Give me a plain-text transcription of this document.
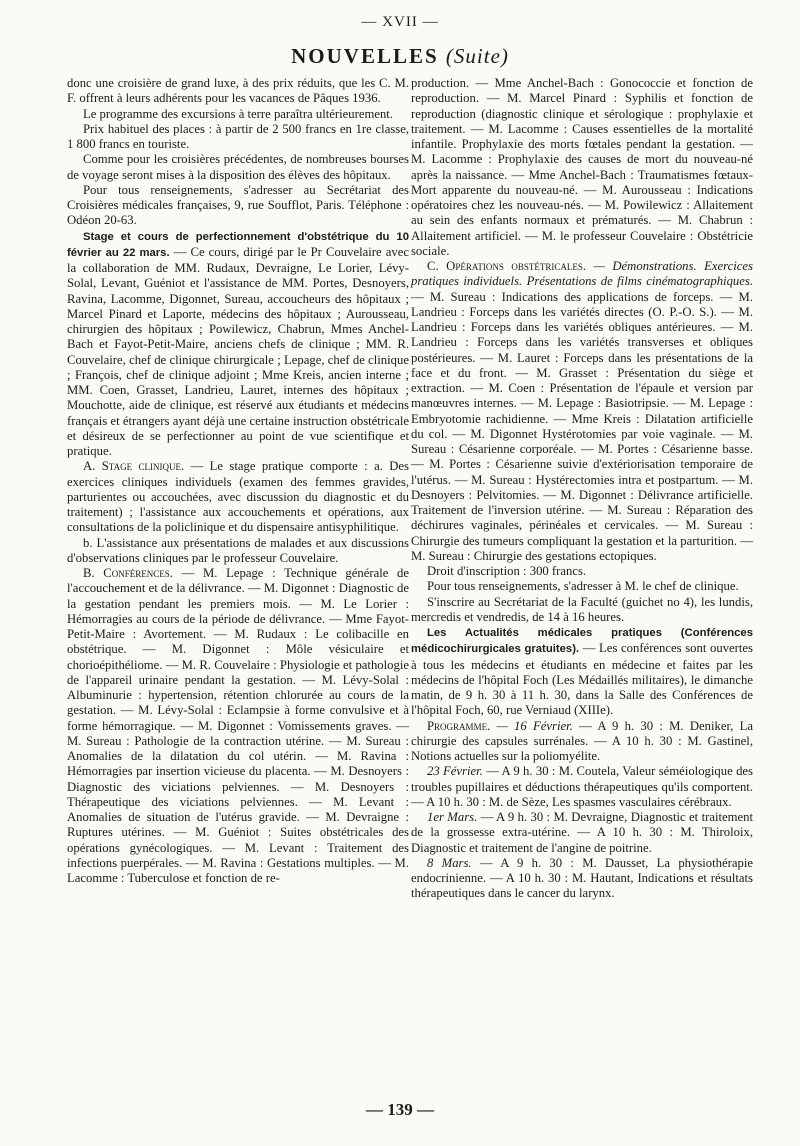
— XVII —
NOUVELLES (Suite)

donc une croisière de grand luxe, à des prix réduits, que les C. M. F. offrent à leurs adhérents pour les vacances de Pâques 1936.

Le programme des excursions à terre paraîtra ultérieurement.

Prix habituel des places : à partir de 2 500 francs en 1re classe, 1 800 francs en touriste.

Comme pour les croisières précédentes, de nombreuses bourses de voyage seront mises à la disposition des élèves des hôpitaux.

Pour tous renseignements, s'adresser au Secrétariat des Croisières médicales françaises, 9, rue Soufflot, Paris. Téléphone : Odéon 20-63.

Stage et cours de perfectionnement d'obstétrique du 10 février au 22 mars. — Ce cours, dirigé par le Pr Couvelaire avec la collaboration de MM. Rudaux, Devraigne, Le Lorier, Lévy-Solal, Levant, Guéniot et l'assistance de MM. Portes, Desnoyers, Ravina, Lacomme, Digonnet, Sureau, accoucheurs des hôpitaux ; Marcel Pinard et Laporte, médecins des hôpitaux ; Aurousseau, chirurgien des hôpitaux ; Powilewicz, Chabrun, Mmes Anchel-Bach et Fayot-Petit-Maire, anciens chefs de clinique ; MM. R. Couvelaire, chef de clinique chirurgicale ; Lepage, chef de clinique ; François, chef de clinique adjoint ; Mme Kreis, ancien interne ; MM. Coen, Grasset, Landrieu, Lauret, internes des hôpitaux ; Mouchotte, aide de clinique, est réservé aux étudiants et médecins français et étrangers ayant déjà une certaine instruction obstétricale et désireux de se perfectionner au point de vue scientifique et pratique.

A. Stage clinique. — Le stage pratique comporte : a. Des exercices cliniques individuels (examen des femmes gravides, parturientes ou accouchées, avec discussion du diagnostic et du traitement) ; l'assistance aux accouchements et opérations, aux consultations de la policlinique et du dispensaire antisyphilitique.

b. L'assistance aux présentations de malades et aux discussions d'observations cliniques par le professeur Couvelaire.

B. Conférences. — M. Lepage : Technique générale de l'accouchement et de la délivrance. — M. Digonnet : Diagnostic de la gestation pendant les premiers mois. — M. Le Lorier : Hémorragies au cours de la période de délivrance. — Mme Fayot-Petit-Maire : Avortement. — M. Rudaux : Le colibacille en obstétrique. — M. Digonnet : Môle vésiculaire et chorioépithéliome. — M. R. Couvelaire : Physiologie et pathologie de l'appareil urinaire pendant la gestation. — M. Lévy-Solal : Albuminurie : hypertension, rétention chlorurée au cours de la gestation. — M. Lévy-Solal : Eclampsie à forme convulsive et à forme hémorragique. — M. Digonnet : Vomissements graves. — M. Sureau : Pathologie de la contraction utérine. — M. Sureau : Anomalies de la dilatation du col utérin. — M. Ravina : Hémorragies par insertion vicieuse du placenta. — M. Desnoyers : Diagnostic des viciations pelviennes. — M. Desnoyers : Thérapeutique des viciations pelviennes. — M. Levant : Anomalies de situation de l'utérus gravide. — M. Devraigne : Ruptures utérines. — M. Guéniot : Suites obstétricales des opérations gynécologiques. — M. Levant : Traitement des infections puerpérales. — M. Ravina : Gestations multiples. — M. Lacomme : Tuberculose et fonction de re-

production. — Mme Anchel-Bach : Gonococcie et fonction de reproduction. — M. Marcel Pinard : Syphilis et fonction de reproduction (diagnostic clinique et sérologique : prophylaxie et traitement. — M. Lacomme : Causes essentielles de la mortalité infantile. Prophylaxie des morts fœtales pendant la gestation. — M. Lacomme : Prophylaxie des causes de mort du nouveau-né après la naissance. — Mme Anchel-Bach : Traumatismes fœtaux-Mort apparente du nouveau-né. — M. Aurousseau : Indications opératoires chez les nouveau-nés. — M. Powilewicz : Allaitement au sein des enfants normaux et prématurés. — M. Chabrun : Allaitement artificiel. — M. le professeur Couvelaire : Obstétricie sociale.

C. Opérations obstétricales. — Démonstrations. Exercices pratiques individuels. Présentations de films cinématographiques. — M. Sureau : Indications des applications de forceps. — M. Landrieu : Forceps dans les variétés directes (O. P.-O. S.). — M. Landrieu : Forceps dans les variétés obliques antérieures. — M. Landrieu : Forceps dans les variétés transverses et obliques postérieures. — M. Lauret : Forceps dans les présentations de la face et du front. — M. Grasset : Présentation du siège et extraction. — M. Coen : Présentation de l'épaule et version par manœuvres internes. — M. Lepage : Basiotripsie. — M. Lepage : Embryotomie rachidienne. — Mme Kreis : Dilatation artificielle du col. — M. Digonnet Hystérotomies par voie vaginale. — M. Sureau : Césarienne corporéale. — M. Portes : Césarienne basse. — M. Portes : Césarienne suivie d'extériorisation temporaire de l'utérus. — M. Sureau : Hystérectomies intra et postpartum. — M. Desnoyers : Pelvitomies. — M. Digonnet : Délivrance artificielle. Traitement de l'inversion utérine. — M. Sureau : Réparation des déchirures vaginales, périnéales et cervicales. — M. Sureau : Chirurgie des tumeurs compliquant la gestation et la parturition. — M. Sureau : Chirurgie des gestations ectopiques.

Droit d'inscription : 300 francs.

Pour tous renseignements, s'adresser à M. le chef de clinique.

S'inscrire au Secrétariat de la Faculté (guichet no 4), les lundis, mercredis et vendredis, de 14 à 16 heures.

Les Actualités médicales pratiques (Conférences médicochirurgicales gratuites). — Les conférences sont ouvertes à tous les médecins et étudiants en médecine et faites par les médecins de l'hôpital Foch (Les Médaillés militaires), le dimanche matin, de 9 h. 30 à 11 h. 30, dans la Salle des Conférences de l'hôpital Foch, 60, rue Verniaud (XIIIe).

Programme. — 16 Février. — A 9 h. 30 : M. Deniker, La chirurgie des capsules surrénales. — A 10 h. 30 : M. Gastinel, Notions actuelles sur la poliomyélite.

23 Février. — A 9 h. 30 : M. Coutela, Valeur séméiologique des troubles pupillaires et déductions thérapeutiques qu'ils comportent. — A 10 h. 30 : M. de Sèze, Les spasmes vasculaires cérébraux.

1er Mars. — A 9 h. 30 : M. Devraigne, Diagnostic et traitement de la grossesse extra-utérine. — A 10 h. 30 : M. Thiroloix, Diagnostic et traitement de l'angine de poitrine.

8 Mars. — A 9 h. 30 : M. Dausset, La physiothérapie endocrinienne. — A 10 h. 30 : M. Hautant, Indications et résultats thérapeutiques dans le cancer du larynx.

— 139 —
